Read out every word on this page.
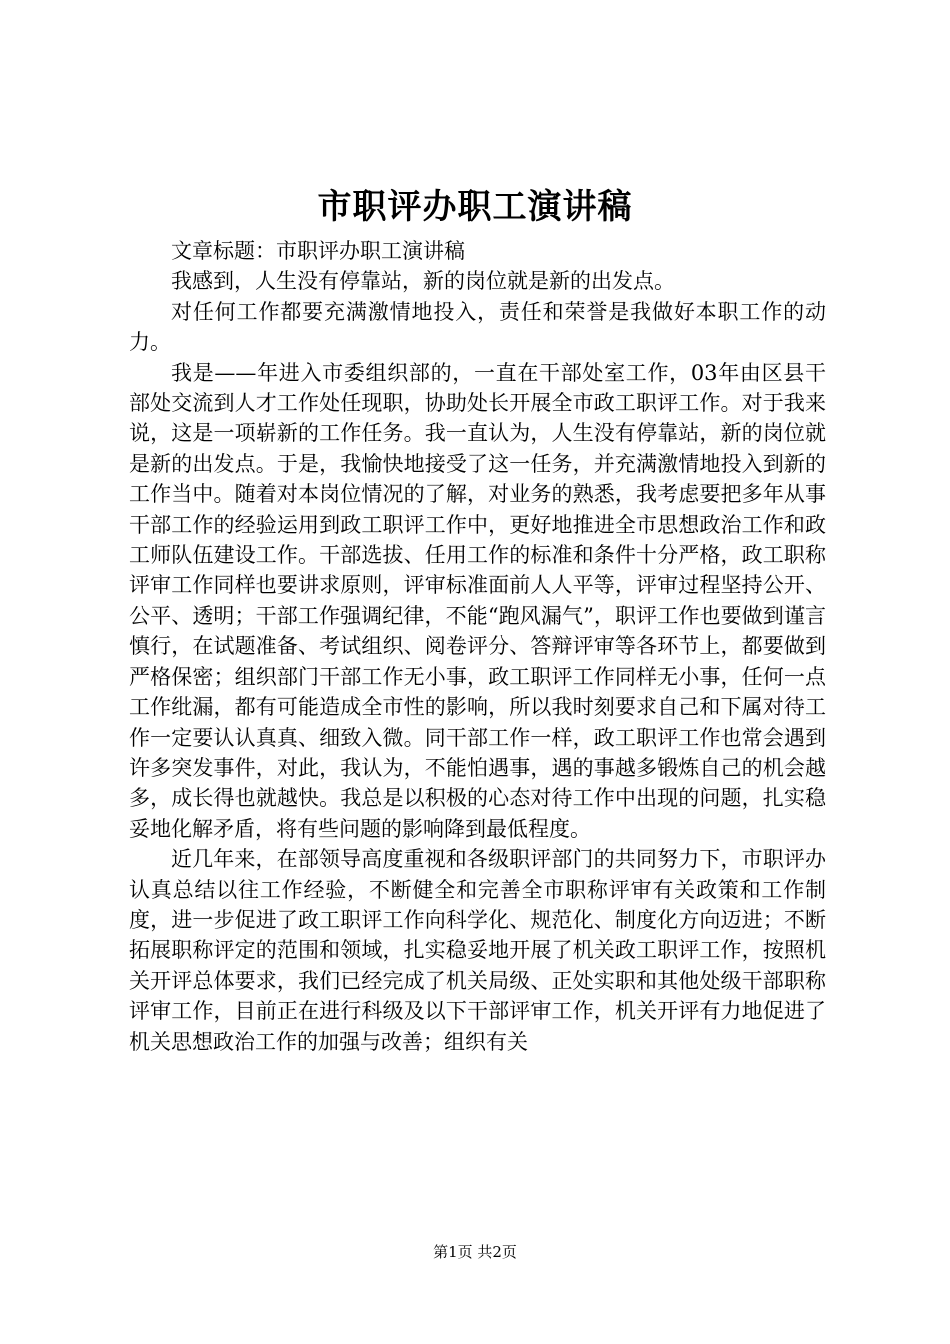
市职评办职工演讲稿

文章标题：市职评办职工演讲稿

我感到，人生没有停靠站，新的岗位就是新的出发点。

对任何工作都要充满激情地投入，责任和荣誉是我做好本职工作的动力。

我是——年进入市委组织部的，一直在干部处室工作，03年由区县干部处交流到人才工作处任现职，协助处长开展全市政工职评工作。对于我来说，这是一项崭新的工作任务。我一直认为，人生没有停靠站，新的岗位就是新的出发点。于是，我愉快地接受了这一任务，并充满激情地投入到新的工作当中。随着对本岗位情况的了解，对业务的熟悉，我考虑要把多年从事干部工作的经验运用到政工职评工作中，更好地推进全市思想政治工作和政工师队伍建设工作。干部选拔、任用工作的标准和条件十分严格，政工职称评审工作同样也要讲求原则，评审标准面前人人平等，评审过程坚持公开、公平、透明；干部工作强调纪律，不能“跑风漏气”，职评工作也要做到谨言慎行，在试题准备、考试组织、阅卷评分、答辩评审等各环节上，都要做到严格保密；组织部门干部工作无小事，政工职评工作同样无小事，任何一点工作纰漏，都有可能造成全市性的影响，所以我时刻要求自己和下属对待工作一定要认认真真、细致入微。同干部工作一样，政工职评工作也常会遇到许多突发事件，对此，我认为，不能怕遇事，遇的事越多锻炼自己的机会越多，成长得也就越快。我总是以积极的心态对待工作中出现的问题，扎实稳妥地化解矛盾，将有些问题的影响降到最低程度。

近几年来，在部领导高度重视和各级职评部门的共同努力下，市职评办认真总结以往工作经验，不断健全和完善全市职称评审有关政策和工作制度，进一步促进了政工职评工作向科学化、规范化、制度化方向迈进；不断拓展职称评定的范围和领域，扎实稳妥地开展了机关政工职评工作，按照机关开评总体要求，我们已经完成了机关局级、正处实职和其他处级干部职称评审工作，目前正在进行科级及以下干部评审工作，机关开评有力地促进了机关思想政治工作的加强与改善；组织有关

第1页 共2页
